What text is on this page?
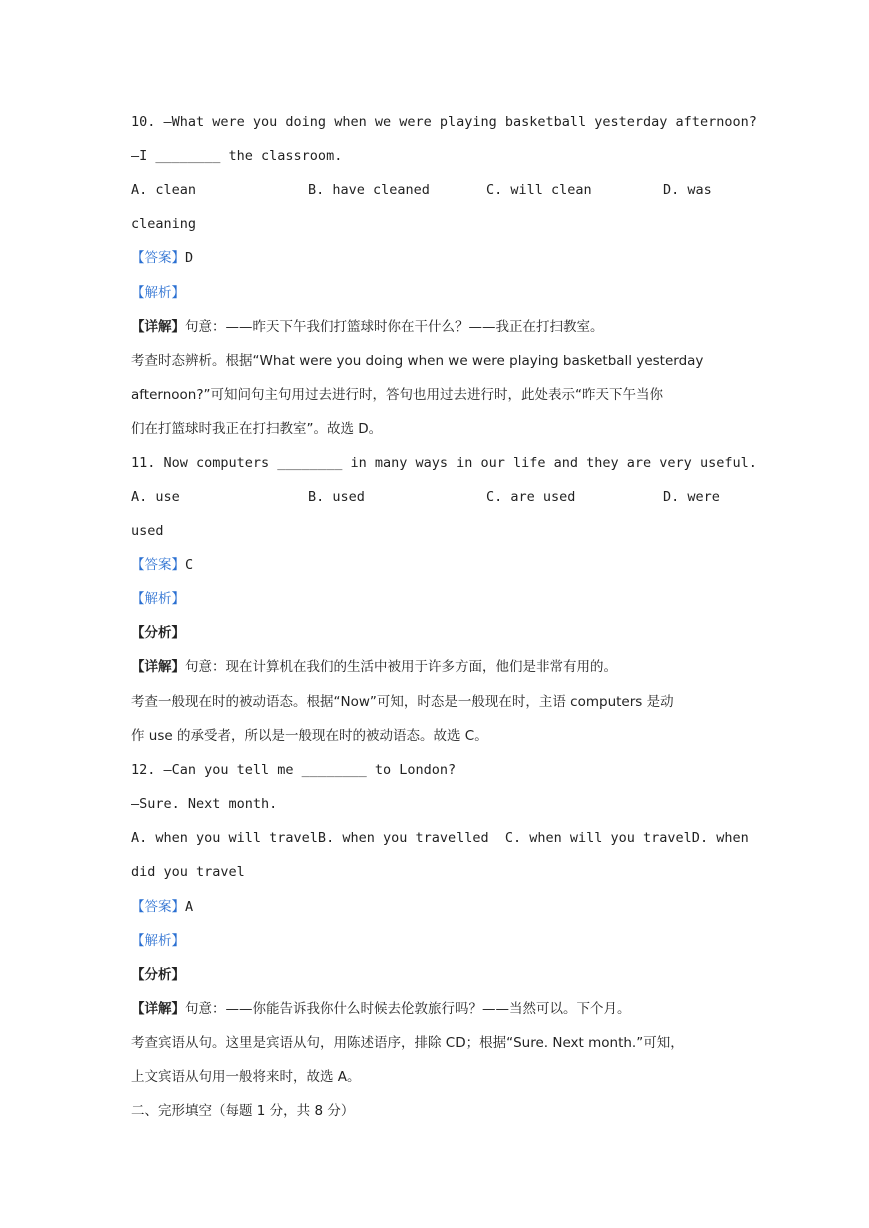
10. —What were you doing when we were playing basketball yesterday afternoon?
—I ________ the classroom.
A. clean	B. have cleaned	C. will clean	D. was
cleaning
【答案】D
【解析】
【详解】句意：——昨天下午我们打篮球时你在干什么？——我正在打扫教室。
考查时态辨析。根据“What were you doing when we were playing basketball yesterday
afternoon?”可知问句主句用过去进行时，答句也用过去进行时，此处表示“昨天下午当你
们在打篮球时我正在打扫教室”。故选 D。
11. Now computers ________ in many ways in our life and they are very useful.
A. use	B. used	C. are used	D. were
used
【答案】C
【解析】
【分析】
【详解】句意：现在计算机在我们的生活中被用于许多方面，他们是非常有用的。
考查一般现在时的被动语态。根据“Now”可知，时态是一般现在时，主语 computers 是动
作 use 的承受者，所以是一般现在时的被动语态。故选 C。
12. —Can you tell me ________ to London?
—Sure. Next month.
A. when you will travelB. when you travelled  C. when will you travelD. when
did you travel
【答案】A
【解析】
【分析】
【详解】句意：——你能告诉我你什么时候去伦敦旅行吗？——当然可以。下个月。
考查宾语从句。这里是宾语从句，用陈述语序，排除 CD；根据“Sure. Next month.”可知，
上文宾语从句用一般将来时，故选 A。
二、完形填空（每题 1 分，共 8 分）
